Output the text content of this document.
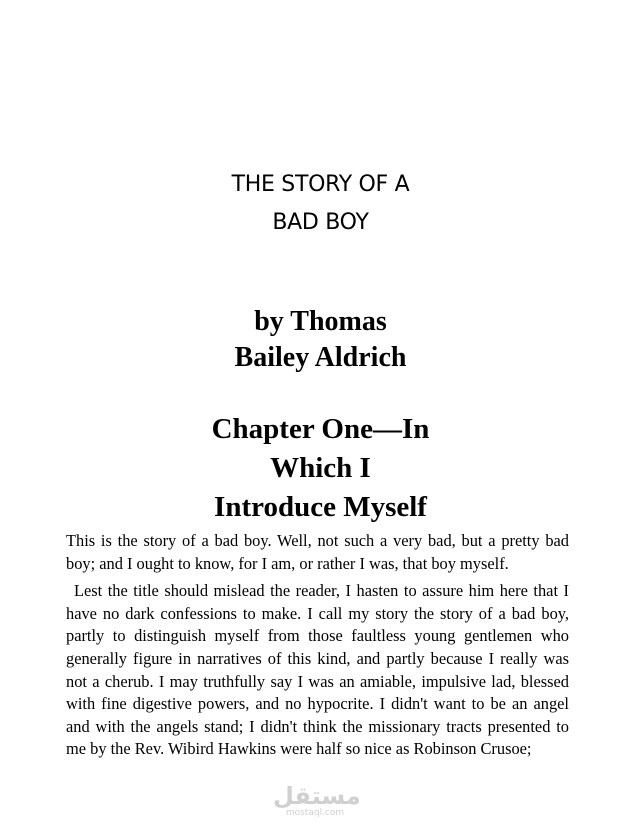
THE STORY OF A
BAD BOY
by Thomas
Bailey Aldrich
Chapter One—In
Which I
Introduce Myself

This is the story of a bad boy. Well, not such a very bad, but a pretty bad boy; and I ought to know, for I am, or rather I was, that boy myself.

Lest the title should mislead the reader, I hasten to assure him here that I have no dark confessions to make. I call my story the story of a bad boy, partly to distinguish myself from those faultless young gentlemen who generally figure in narratives of this kind, and partly because I really was not a cherub. I may truthfully say I was an amiable, impulsive lad, blessed with fine digestive powers, and no hypocrite. I didn't want to be an angel and with the angels stand; I didn't think the missionary tracts presented to me by the Rev. Wibird Hawkins were half so nice as Robinson Crusoe;

مستقل
mostaql.com
